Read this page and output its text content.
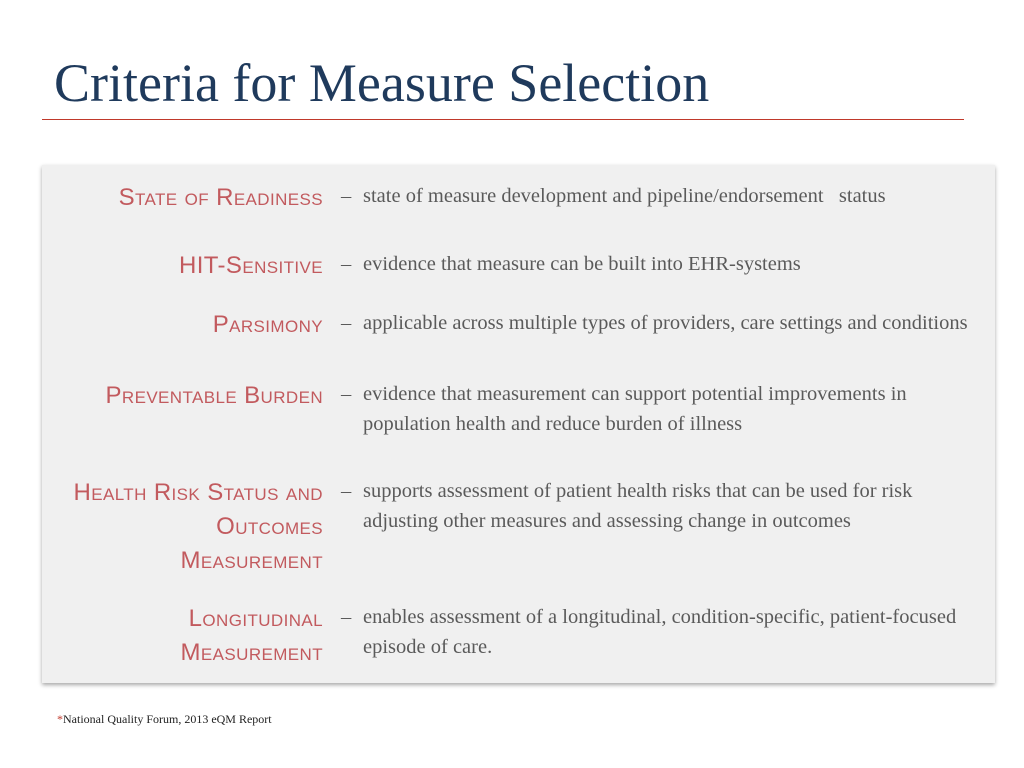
Criteria for Measure Selection
State of Readiness – state of measure development and pipeline/endorsement   status
HIT-Sensitive – evidence that measure can be built into EHR-systems
Parsimony – applicable across multiple types of providers, care settings and conditions
Preventable Burden – evidence that measurement can support potential improvements in population health and reduce burden of illness
Health Risk Status and Outcomes Measurement
– supports assessment of patient health risks that can be used for risk adjusting other measures and assessing change in outcomes
Longitudinal Measurement
– enables assessment of a longitudinal, condition-specific, patient-focused episode of care.
*National Quality Forum, 2013 eQM Report
